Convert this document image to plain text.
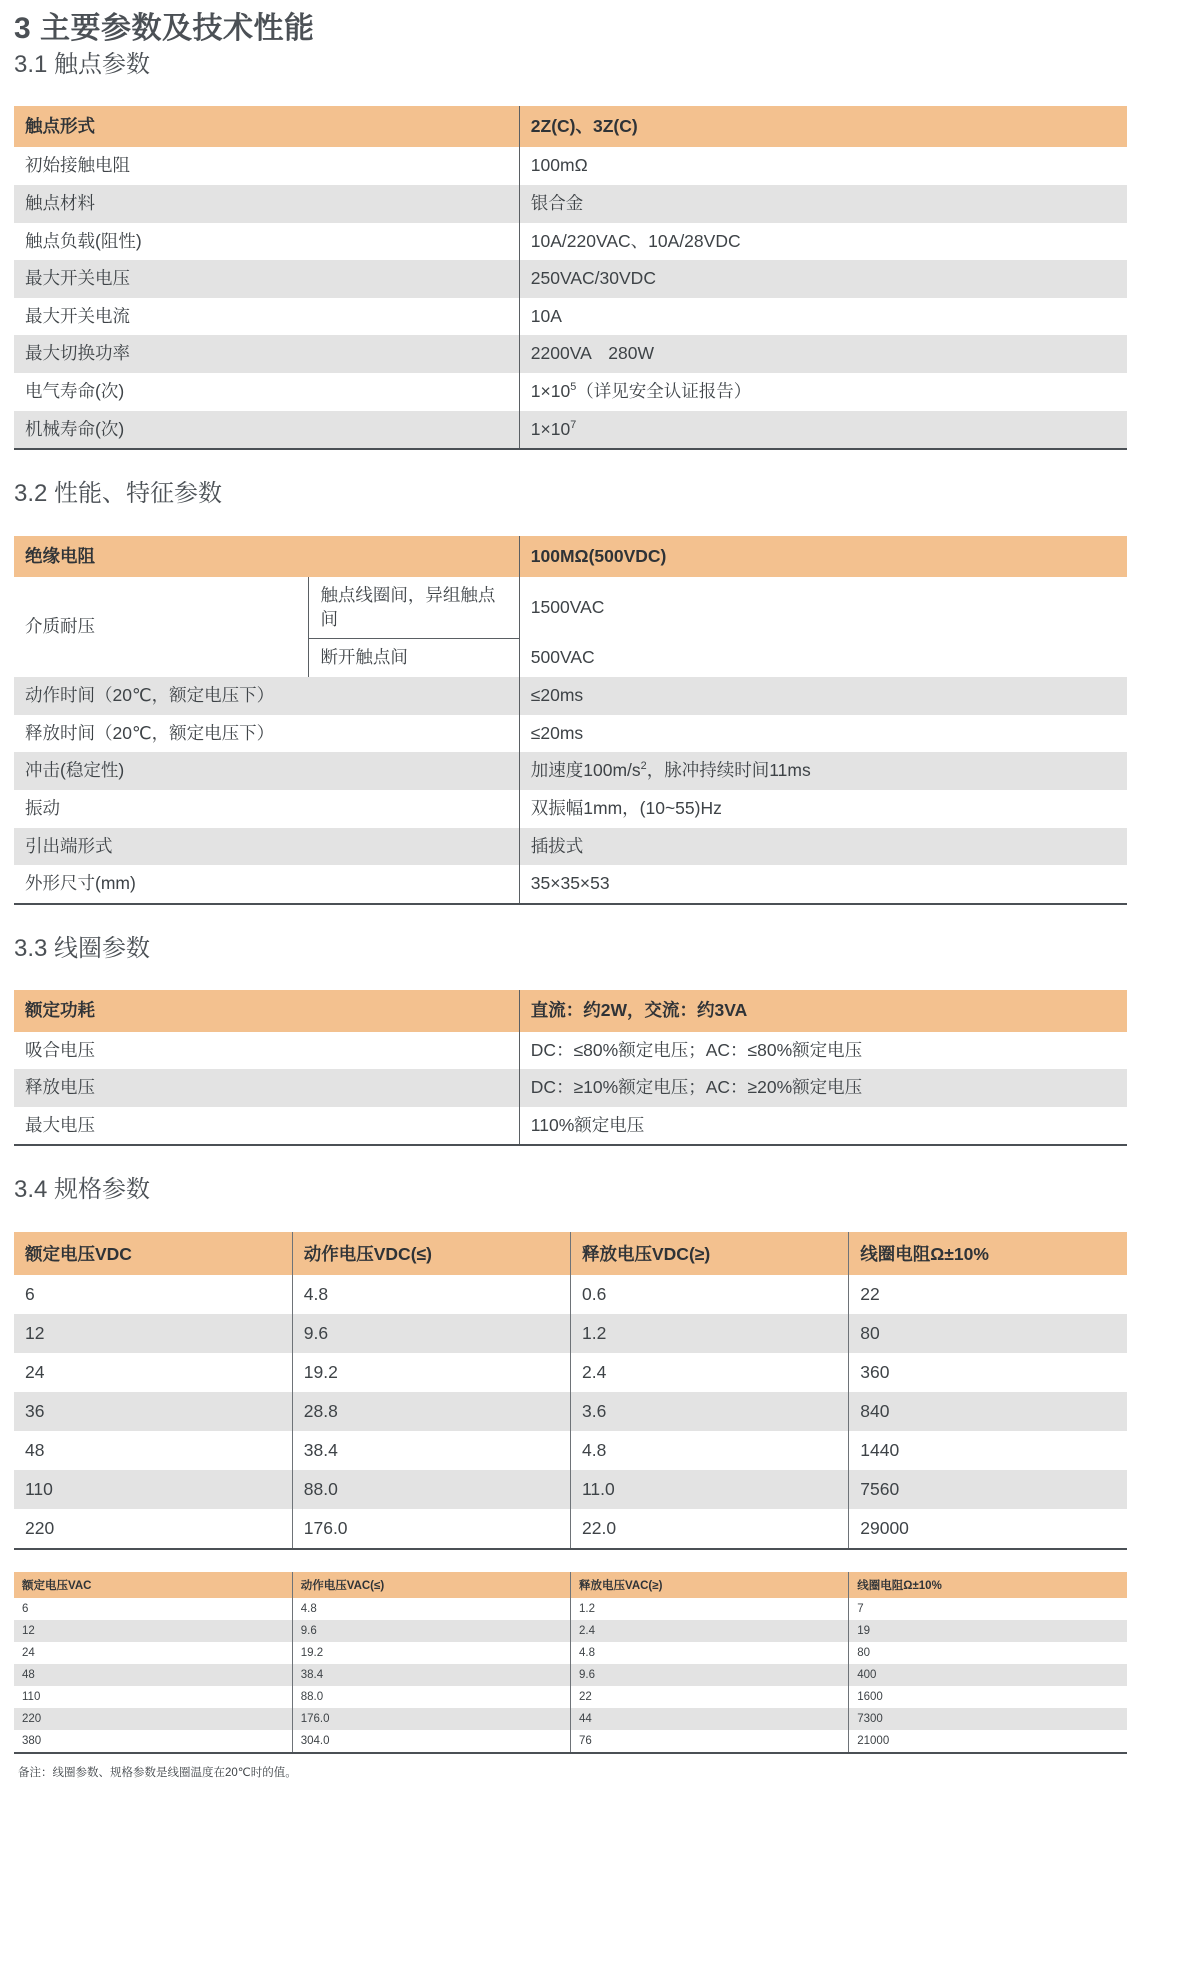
3 主要参数及技术性能
3.1 触点参数
触点形式	2Z(C)、3Z(C)
初始接触电阻	100mΩ
触点材料	银合金
触点负载(阻性)	10A/220VAC、10A/28VDC
最大开关电压	250VAC/30VDC
最大开关电流	10A
最大切换功率	2200VA　280W
电气寿命(次)	$1\times 10^5$（详见安全认证报告）
机械寿命(次)	$1\times 10^7$
3.2 性能、特征参数
绝缘电阻		100MΩ(500VDC)
介质耐压	触点线圈间，异组触点间	1500VAC
	断开触点间	500VAC
动作时间（20℃，额定电压下）		≤20ms
释放时间（20℃，额定电压下）		≤20ms
冲击(稳定性)		加速度$100m/s^2$，脉冲持续时间11ms
振动		双振幅1mm，(10~55)Hz
引出端形式		插拔式
外形尺寸(mm)		35×35×53
3.3 线圈参数
额定功耗	直流：约2W，交流：约3VA
吸合电压	DC：≤80%额定电压；AC：≤80%额定电压
释放电压	DC：≥10%额定电压；AC：≥20%额定电压
最大电压	110%额定电压
3.4 规格参数
额定电压VDC	动作电压VDC(≤)	释放电压VDC(≥)	线圈电阻Ω±10%
6	4.8	0.6	22
12	9.6	1.2	80
24	19.2	2.4	360
36	28.8	3.6	840
48	38.4	4.8	1440
110	88.0	11.0	7560
220	176.0	22.0	29000
额定电压VAC	动作电压VAC(≤)	释放电压VAC(≥)	线圈电阻Ω±10%
6	4.8	1.2	7
12	9.6	2.4	19
24	19.2	4.8	80
48	38.4	9.6	400
110	88.0	22	1600
220	176.0	44	7300
380	304.0	76	21000
备注：线圈参数、规格参数是线圈温度在20℃时的值。
